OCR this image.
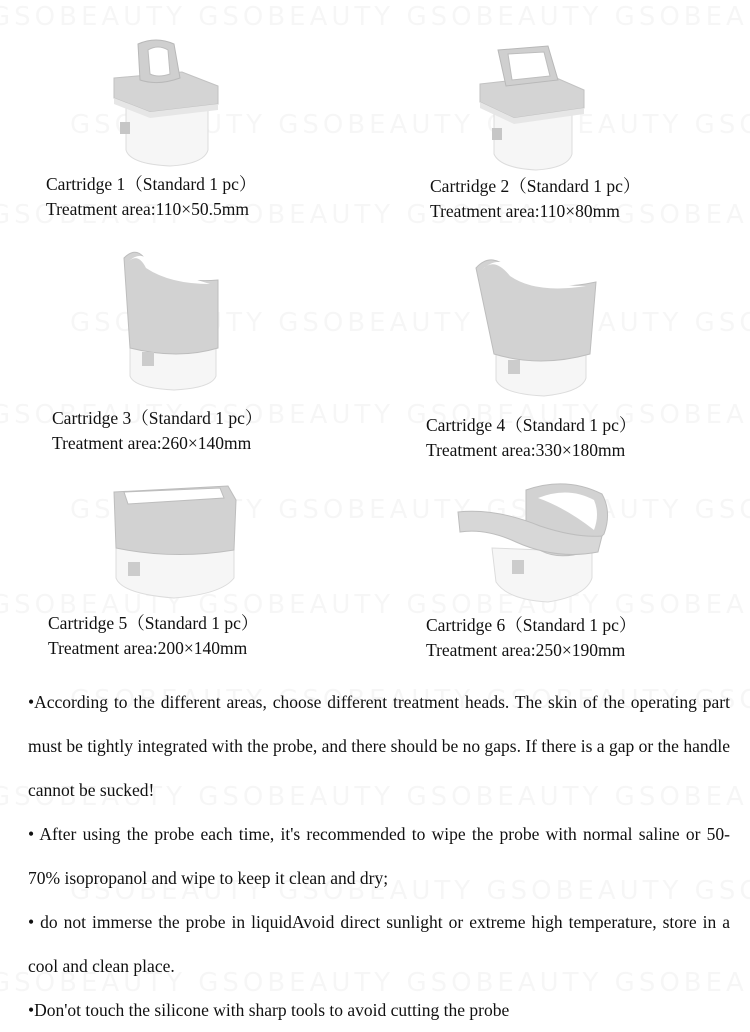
Cartridge 1（Standard 1 pc）
Treatment area:110×50.5mm
Cartridge 2（Standard 1 pc）
Treatment area:110×80mm
Cartridge 3（Standard 1 pc）
Treatment area:260×140mm
Cartridge 4（Standard 1 pc）
Treatment area:330×180mm
Cartridge 5（Standard 1 pc）
Treatment area:200×140mm
Cartridge 6（Standard 1 pc）
Treatment area:250×190mm

•According to the different areas, choose different treatment heads. The skin of the operating part must be tightly integrated with the probe, and there should be no gaps. If there is a gap or the handle cannot be sucked!

• After using the probe each time, it's recommended to wipe the probe with normal saline or 50-70% isopropanol and wipe to keep it clean and dry;

• do not immerse the probe in liquidAvoid direct sunlight or extreme high temperature, store in a cool and clean place.

•Don'ot touch the silicone with sharp tools to avoid cutting the probe
